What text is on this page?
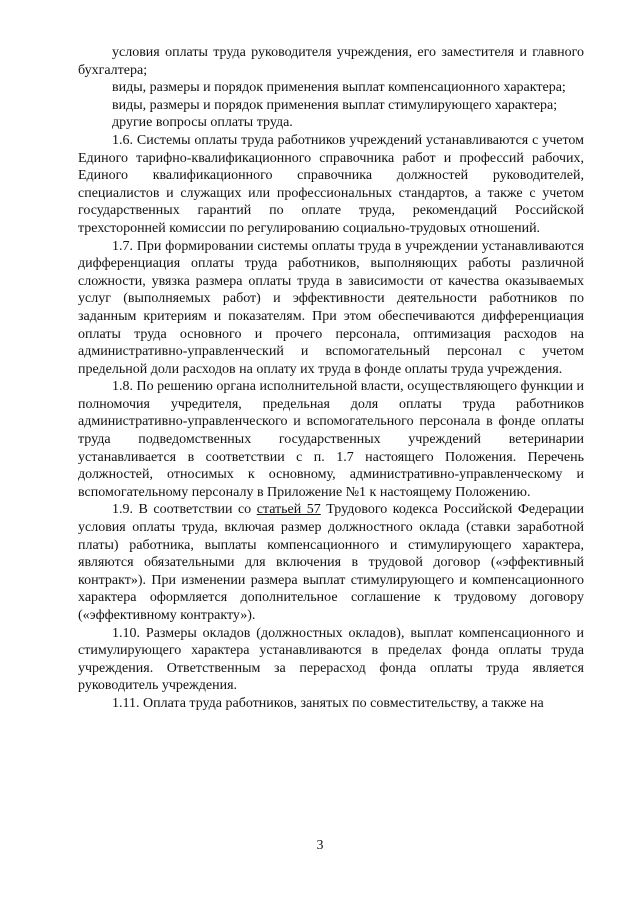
условия оплаты труда руководителя учреждения, его заместителя и главного бухгалтера;

виды, размеры и порядок применения выплат компенсационного характера;

виды, размеры и порядок применения выплат стимулирующего характера;

другие вопросы оплаты труда.

1.6. Системы оплаты труда работников учреждений устанавливаются с учетом Единого тарифно-квалификационного справочника работ и профессий рабочих, Единого квалификационного справочника должностей руководителей, специалистов и служащих или профессиональных стандартов, а также с учетом государственных гарантий по оплате труда, рекомендаций Российской трехсторонней комиссии по регулированию социально-трудовых отношений.

1.7. При формировании системы оплаты труда в учреждении устанавливаются дифференциация оплаты труда работников, выполняющих работы различной сложности, увязка размера оплаты труда в зависимости от качества оказываемых услуг (выполняемых работ) и эффективности деятельности работников по заданным критериям и показателям. При этом обеспечиваются дифференциация оплаты труда основного и прочего персонала, оптимизация расходов на административно-управленческий и вспомогательный персонал с учетом предельной доли расходов на оплату их труда в фонде оплаты труда учреждения.

1.8. По решению органа исполнительной власти, осуществляющего функции и полномочия учредителя, предельная доля оплаты труда работников административно-управленческого и вспомогательного персонала в фонде оплаты труда подведомственных государственных учреждений ветеринарии устанавливается в соответствии с п. 1.7 настоящего Положения. Перечень должностей, относимых к основному, административно-управленческому и вспомогательному персоналу в Приложение №1 к настоящему Положению.

1.9. В соответствии со статьей 57 Трудового кодекса Российской Федерации условия оплаты труда, включая размер должностного оклада (ставки заработной платы) работника, выплаты компенсационного и стимулирующего характера, являются обязательными для включения в трудовой договор («эффективный контракт»). При изменении размера выплат стимулирующего и компенсационного характера оформляется дополнительное соглашение к трудовому договору («эффективному контракту»).

1.10. Размеры окладов (должностных окладов), выплат компенсационного и стимулирующего характера устанавливаются в пределах фонда оплаты труда учреждения. Ответственным за перерасход фонда оплаты труда является руководитель учреждения.

1.11. Оплата труда работников, занятых по совместительству, а также на

3
